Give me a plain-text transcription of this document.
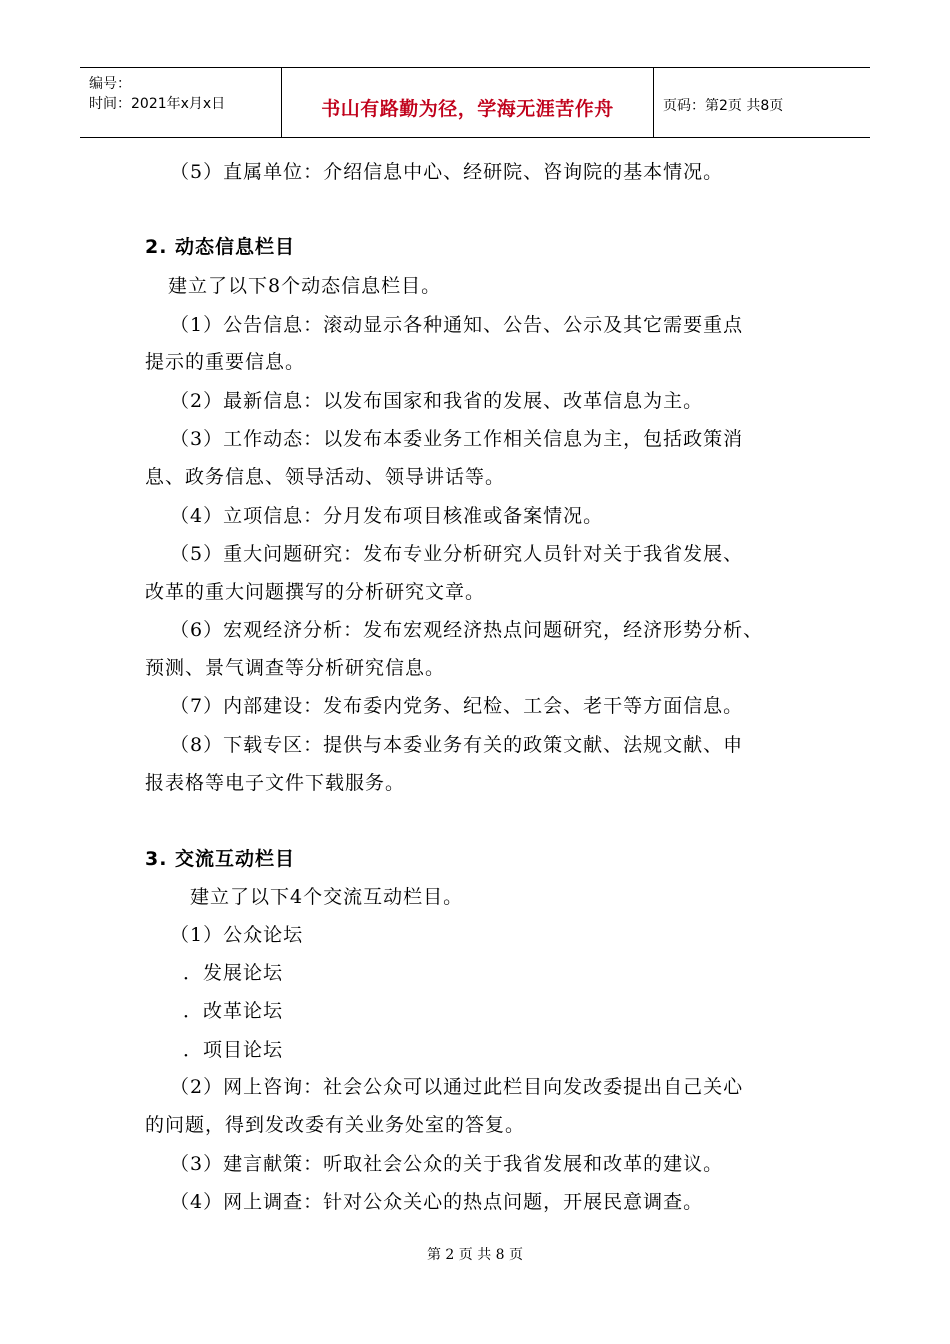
编号：
时间：2021年x月x日	书山有路勤为径，学海无涯苦作舟	页码：第2页 共8页
（5）直属单位：介绍信息中心、经研院、咨询院的基本情况。
2. 动态信息栏目
建立了以下8个动态信息栏目。
（1）公告信息：滚动显示各种通知、公告、公示及其它需要重点
提示的重要信息。
（2）最新信息：以发布国家和我省的发展、改革信息为主。
（3）工作动态：以发布本委业务工作相关信息为主，包括政策消
息、政务信息、领导活动、领导讲话等。
（4）立项信息：分月发布项目核准或备案情况。
（5）重大问题研究：发布专业分析研究人员针对关于我省发展、
改革的重大问题撰写的分析研究文章。
（6）宏观经济分析：发布宏观经济热点问题研究，经济形势分析、
预测、景气调查等分析研究信息。
（7）内部建设：发布委内党务、纪检、工会、老干等方面信息。
（8）下载专区：提供与本委业务有关的政策文献、法规文献、申
报表格等电子文件下载服务。
3. 交流互动栏目
建立了以下4个交流互动栏目。
（1）公众论坛
．发展论坛
．改革论坛
．项目论坛
（2）网上咨询：社会公众可以通过此栏目向发改委提出自己关心
的问题，得到发改委有关业务处室的答复。
（3）建言献策：听取社会公众的关于我省发展和改革的建议。
（4）网上调查：针对公众关心的热点问题，开展民意调查。
第 2 页 共 8 页
